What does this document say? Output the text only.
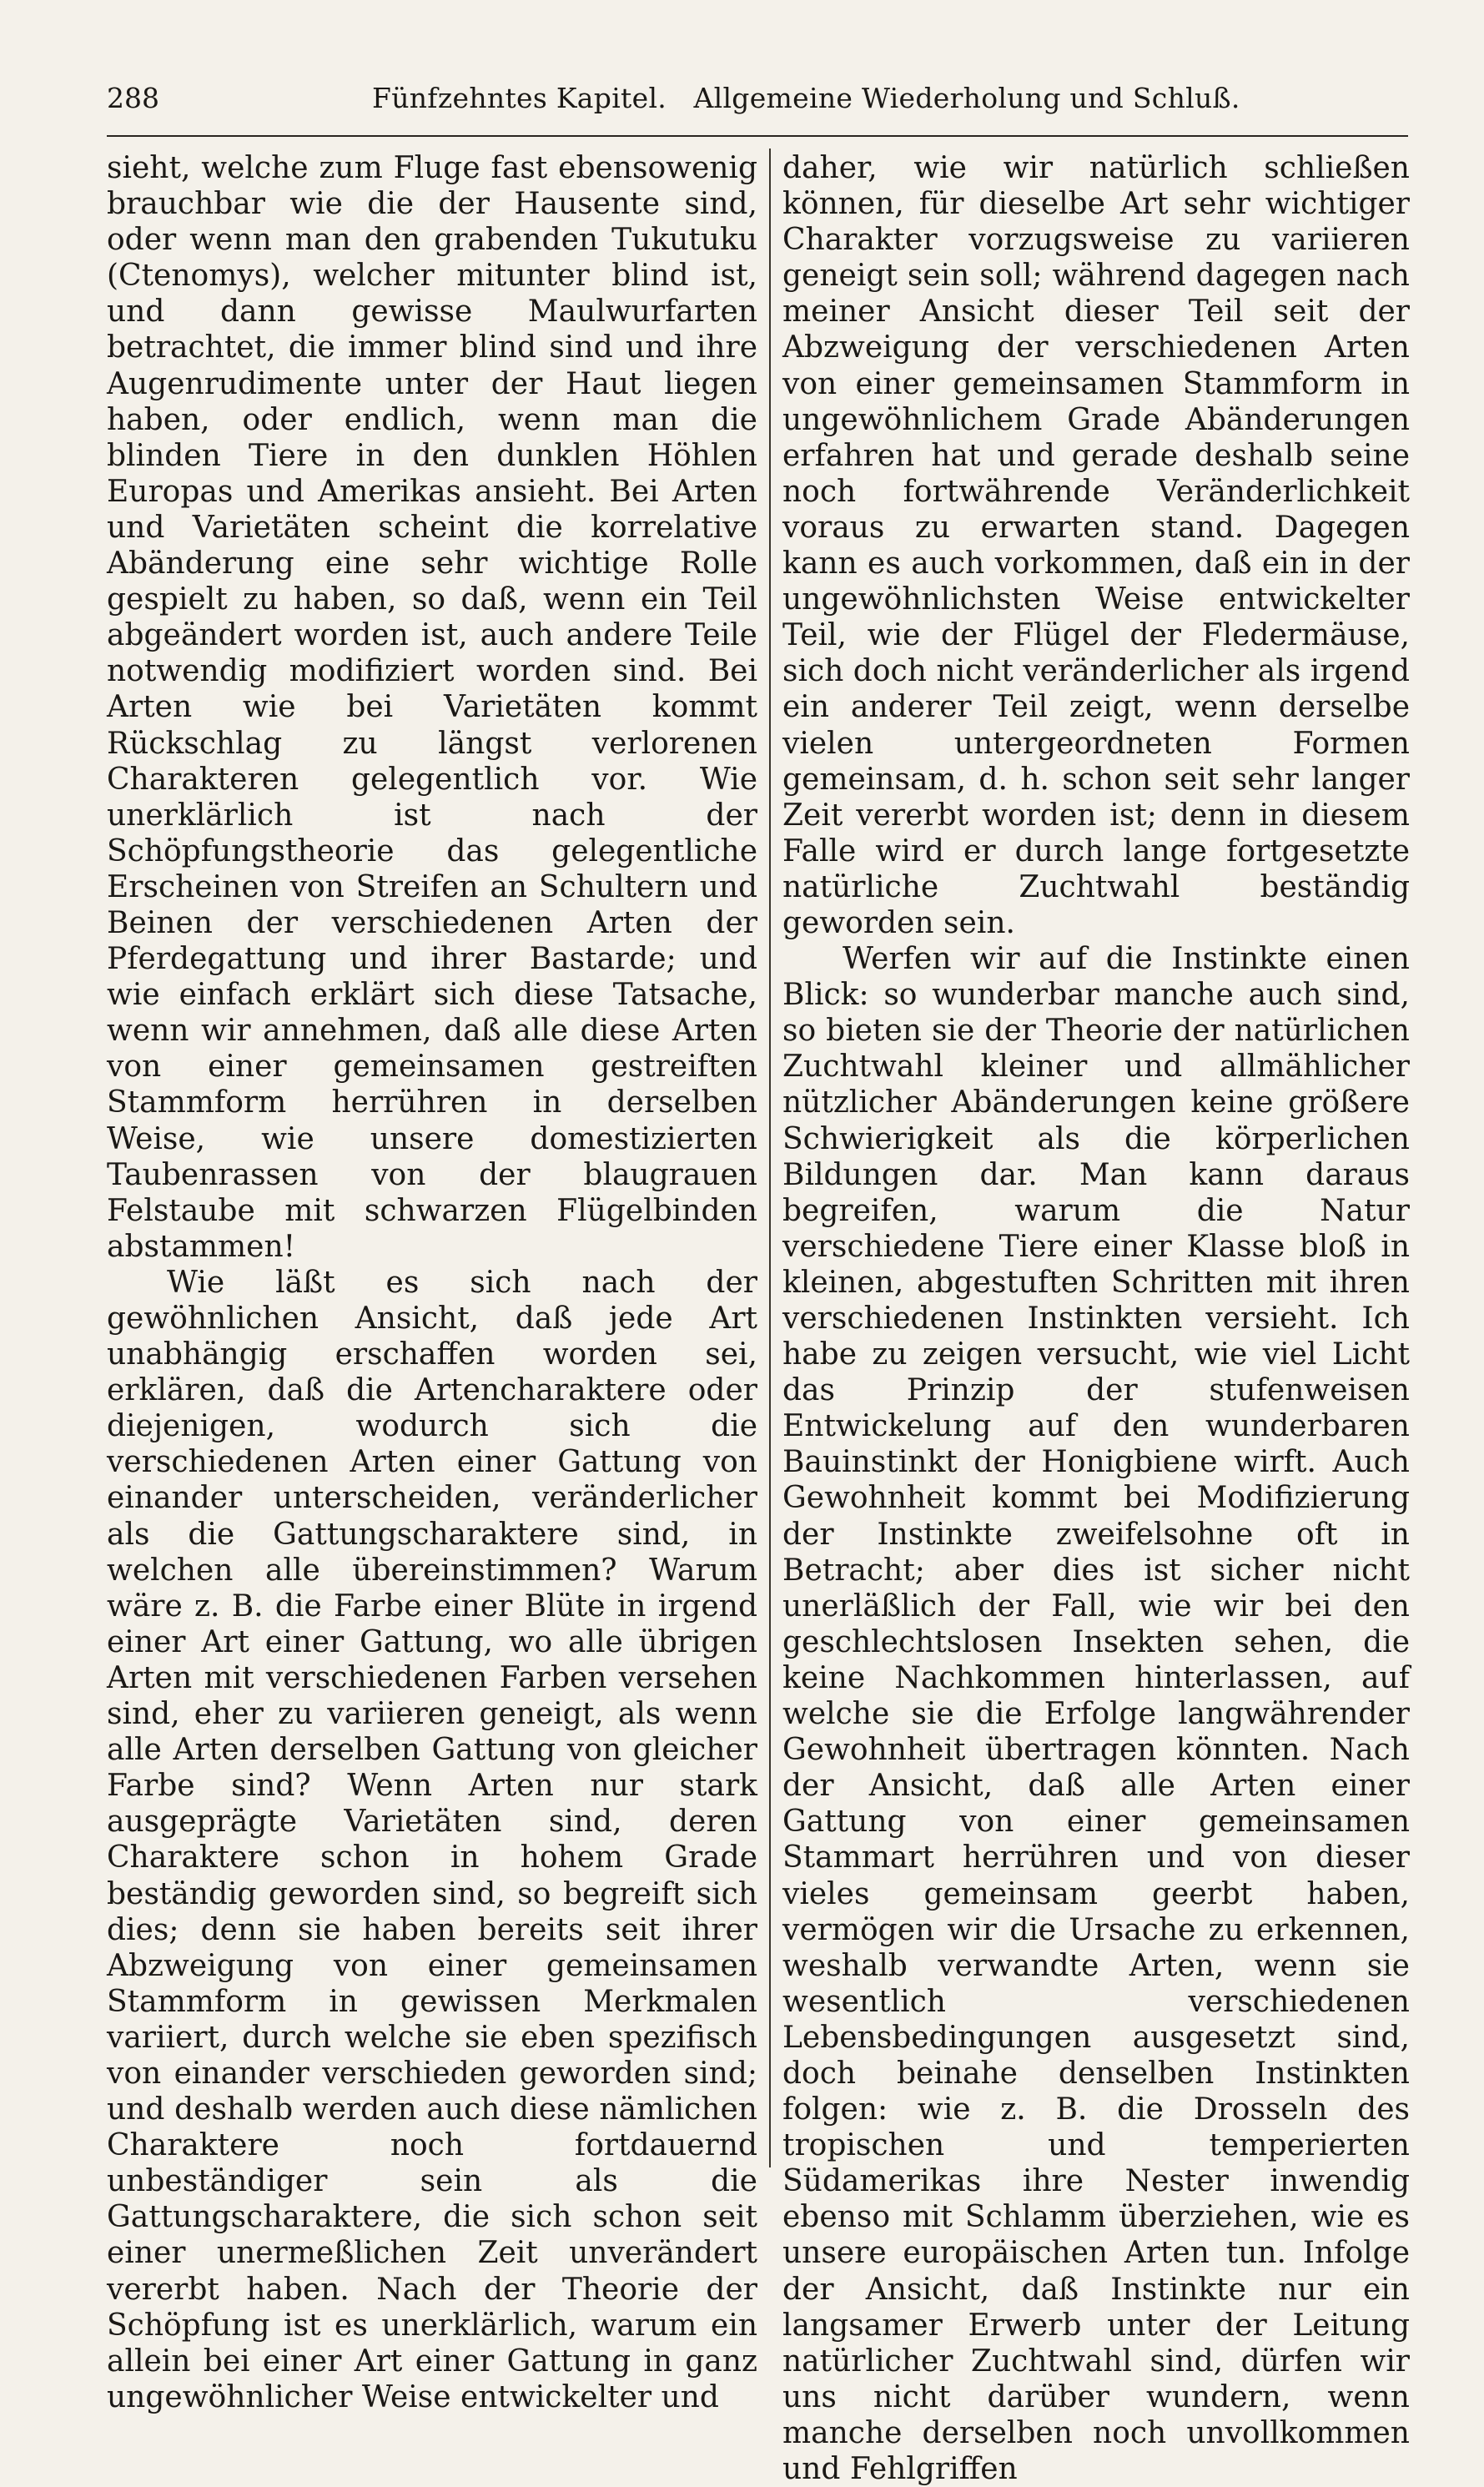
288	Fünfzehntes Kapitel.   Allgemeine Wiederholung und Schluß.

sieht, welche zum Fluge fast ebensowenig brauchbar wie die der Hausente sind, oder wenn man den grabenden Tukutuku (Ctenomys), welcher mitunter blind ist, und dann gewisse Maulwurfarten betrachtet, die immer blind sind und ihre Augenrudimente unter der Haut liegen haben, oder endlich, wenn man die blinden Tiere in den dunklen Höhlen Europas und Amerikas ansieht. Bei Arten und Varietäten scheint die korrelative Abänderung eine sehr wichtige Rolle gespielt zu haben, so daß, wenn ein Teil abgeändert worden ist, auch andere Teile notwendig modifiziert worden sind. Bei Arten wie bei Varietäten kommt Rückschlag zu längst verlorenen Charakteren gelegentlich vor. Wie unerklärlich ist nach der Schöpfungstheorie das gelegentliche Erscheinen von Streifen an Schultern und Beinen der verschiedenen Arten der Pferdegattung und ihrer Bastarde; und wie einfach erklärt sich diese Tatsache, wenn wir annehmen, daß alle diese Arten von einer gemeinsamen gestreiften Stammform herrühren in derselben Weise, wie unsere domestizierten Taubenrassen von der blaugrauen Felstaube mit schwarzen Flügelbinden abstammen!

Wie läßt es sich nach der gewöhnlichen Ansicht, daß jede Art unabhängig erschaffen worden sei, erklären, daß die Artencharaktere oder diejenigen, wodurch sich die verschiedenen Arten einer Gattung von einander unterscheiden, veränderlicher als die Gattungscharaktere sind, in welchen alle übereinstimmen? Warum wäre z. B. die Farbe einer Blüte in irgend einer Art einer Gattung, wo alle übrigen Arten mit verschiedenen Farben versehen sind, eher zu variieren geneigt, als wenn alle Arten derselben Gattung von gleicher Farbe sind? Wenn Arten nur stark ausgeprägte Varietäten sind, deren Charaktere schon in hohem Grade beständig geworden sind, so begreift sich dies; denn sie haben bereits seit ihrer Abzweigung von einer gemeinsamen Stammform in gewissen Merkmalen variiert, durch welche sie eben spezifisch von einander verschieden geworden sind; und deshalb werden auch diese nämlichen Charaktere noch fortdauernd unbeständiger sein als die Gattungscharaktere, die sich schon seit einer unermeßlichen Zeit unverändert vererbt haben. Nach der Theorie der Schöpfung ist es unerklärlich, warum ein allein bei einer Art einer Gattung in ganz ungewöhnlicher Weise entwickelter und

daher, wie wir natürlich schließen können, für dieselbe Art sehr wichtiger Charakter vorzugsweise zu variieren geneigt sein soll; während dagegen nach meiner Ansicht dieser Teil seit der Abzweigung der verschiedenen Arten von einer gemeinsamen Stammform in ungewöhnlichem Grade Abänderungen erfahren hat und gerade deshalb seine noch fortwährende Veränderlichkeit voraus zu erwarten stand. Dagegen kann es auch vorkommen, daß ein in der ungewöhnlichsten Weise entwickelter Teil, wie der Flügel der Fledermäuse, sich doch nicht veränderlicher als irgend ein anderer Teil zeigt, wenn derselbe vielen untergeordneten Formen gemeinsam, d. h. schon seit sehr langer Zeit vererbt worden ist; denn in diesem Falle wird er durch lange fortgesetzte natürliche Zuchtwahl beständig geworden sein.

Werfen wir auf die Instinkte einen Blick: so wunderbar manche auch sind, so bieten sie der Theorie der natürlichen Zuchtwahl kleiner und allmählicher nützlicher Abänderungen keine größere Schwierigkeit als die körperlichen Bildungen dar. Man kann daraus begreifen, warum die Natur verschiedene Tiere einer Klasse bloß in kleinen, abgestuften Schritten mit ihren verschiedenen Instinkten versieht. Ich habe zu zeigen versucht, wie viel Licht das Prinzip der stufenweisen Entwickelung auf den wunderbaren Bauinstinkt der Honigbiene wirft. Auch Gewohnheit kommt bei Modifizierung der Instinkte zweifelsohne oft in Betracht; aber dies ist sicher nicht unerläßlich der Fall, wie wir bei den geschlechtslosen Insekten sehen, die keine Nachkommen hinterlassen, auf welche sie die Erfolge langwährender Gewohnheit übertragen könnten. Nach der Ansicht, daß alle Arten einer Gattung von einer gemeinsamen Stammart herrühren und von dieser vieles gemeinsam geerbt haben, vermögen wir die Ursache zu erkennen, weshalb verwandte Arten, wenn sie wesentlich verschiedenen Lebensbedingungen ausgesetzt sind, doch beinahe denselben Instinkten folgen: wie z. B. die Drosseln des tropischen und temperierten Südamerikas ihre Nester inwendig ebenso mit Schlamm überziehen, wie es unsere europäischen Arten tun. Infolge der Ansicht, daß Instinkte nur ein langsamer Erwerb unter der Leitung natürlicher Zuchtwahl sind, dürfen wir uns nicht darüber wundern, wenn manche derselben noch unvollkommen und Fehlgriffen
